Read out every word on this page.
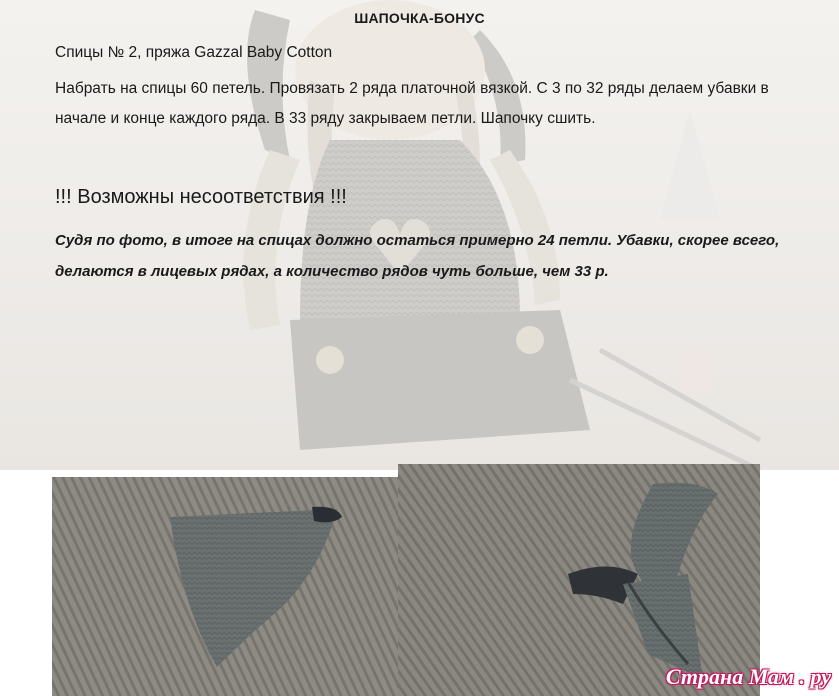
ШАПОЧКА-БОНУС
Спицы № 2, пряжа Gazzal Baby Cotton
Набрать на спицы 60 петель. Провязать 2 ряда платочной вязкой. С 3 по 32 ряды делаем убавки в
начале и конце каждого ряда. В 33 ряду закрываем петли. Шапочку сшить.
!!! Возможны несоответствия !!!
Судя по фото, в итоге на спицах должно остаться примерно 24 петли. Убавки, скорее всего,
делаются в лицевых рядах, а количество рядов чуть больше, чем 33 р.
Страна Мам . ру
